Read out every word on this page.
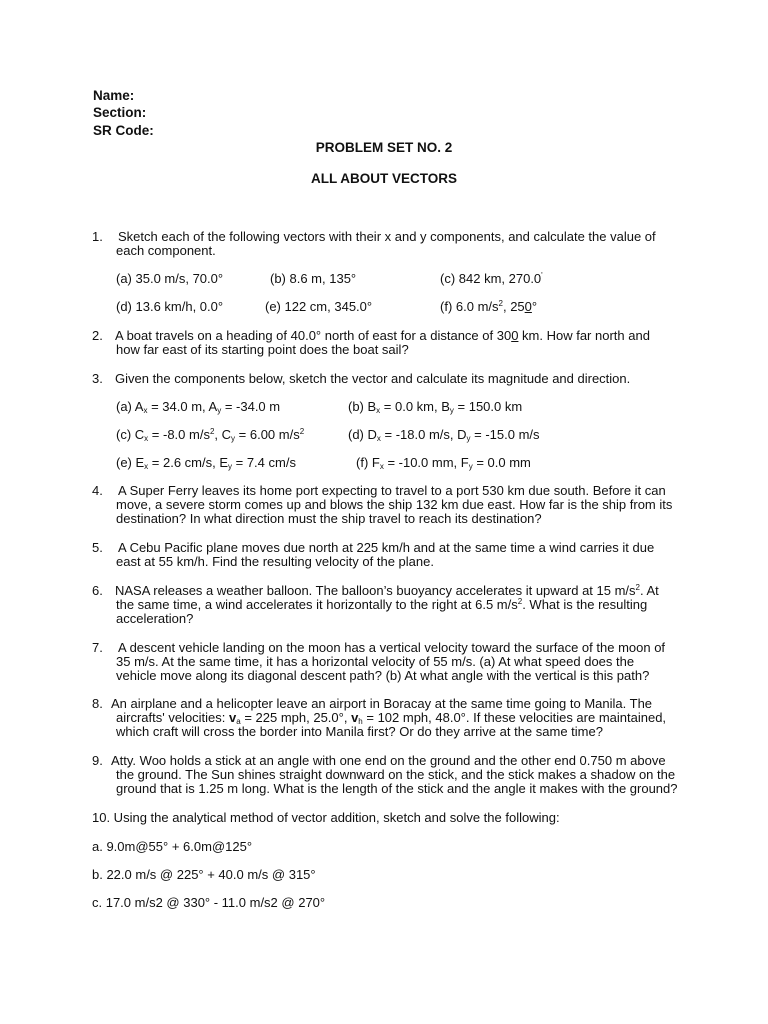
Name:
Section:
SR Code:
PROBLEM SET NO. 2
ALL ABOUT VECTORS
1. Sketch each of the following vectors with their x and y components, and calculate the value of
each component.
(a) 35.0 m/s, 70.0°	(b) 8.6 m, 135°	(c) 842 km, 270.0'
(d) 13.6 km/h, 0.0°	(e) 122 cm, 345.0°	(f) 6.0 $m/s^2$, 250°
2. A boat travels on a heading of 40.0° north of east for a distance of 300 km. How far north and
how far east of its starting point does the boat sail?
3. Given the components below, sketch the vector and calculate its magnitude and direction.
(a) $A_x = 34.0$ m, $A_y = -34.0$ m	(b) $B_x = 0.0$ km, $B_y = 150.0$ km
(c) $C_x = -8.0$ $m/s^2$, $C_y = 6.00$ $m/s^2$	(d) $D_x = -18.0$ m/s, $D_y = -15.0$ m/s
(e) $E_x = 2.6$ cm/s, $E_y = 7.4$ cm/s	(f) $F_x = -10.0$ mm, $F_y = 0.0$ mm
4. A Super Ferry leaves its home port expecting to travel to a port 530 km due south. Before it can
move, a severe storm comes up and blows the ship 132 km due east. How far is the ship from its
destination? In what direction must the ship travel to reach its destination?
5. A Cebu Pacific plane moves due north at 225 km/h and at the same time a wind carries it due
east at 55 km/h. Find the resulting velocity of the plane.
6. NASA releases a weather balloon. The balloon’s buoyancy accelerates it upward at 15 $m/s^2$. At
the same time, a wind accelerates it horizontally to the right at 6.5 $m/s^2$. What is the resulting
acceleration?
7. A descent vehicle landing on the moon has a vertical velocity toward the surface of the moon of
35 m/s. At the same time, it has a horizontal velocity of 55 m/s. (a) At what speed does the
vehicle move along its diagonal descent path? (b) At what angle with the vertical is this path?
8. An airplane and a helicopter leave an airport in Boracay at the same time going to Manila. The
aircrafts' velocities: $v_a = 225$ mph, 25.0°, $v_h = 102$ mph, 48.0°. If these velocities are maintained,
which craft will cross the border into Manila first? Or do they arrive at the same time?
9. Atty. Woo holds a stick at an angle with one end on the ground and the other end 0.750 m above
the ground. The Sun shines straight downward on the stick, and the stick makes a shadow on the
ground that is 1.25 m long. What is the length of the stick and the angle it makes with the ground?
10. Using the analytical method of vector addition, sketch and solve the following:
a. 9.0m@55° + 6.0m@125°
b. 22.0 m/s @ 225° + 40.0 m/s @ 315°
c. 17.0 m/s2 @ 330° - 11.0 m/s2 @ 270°
